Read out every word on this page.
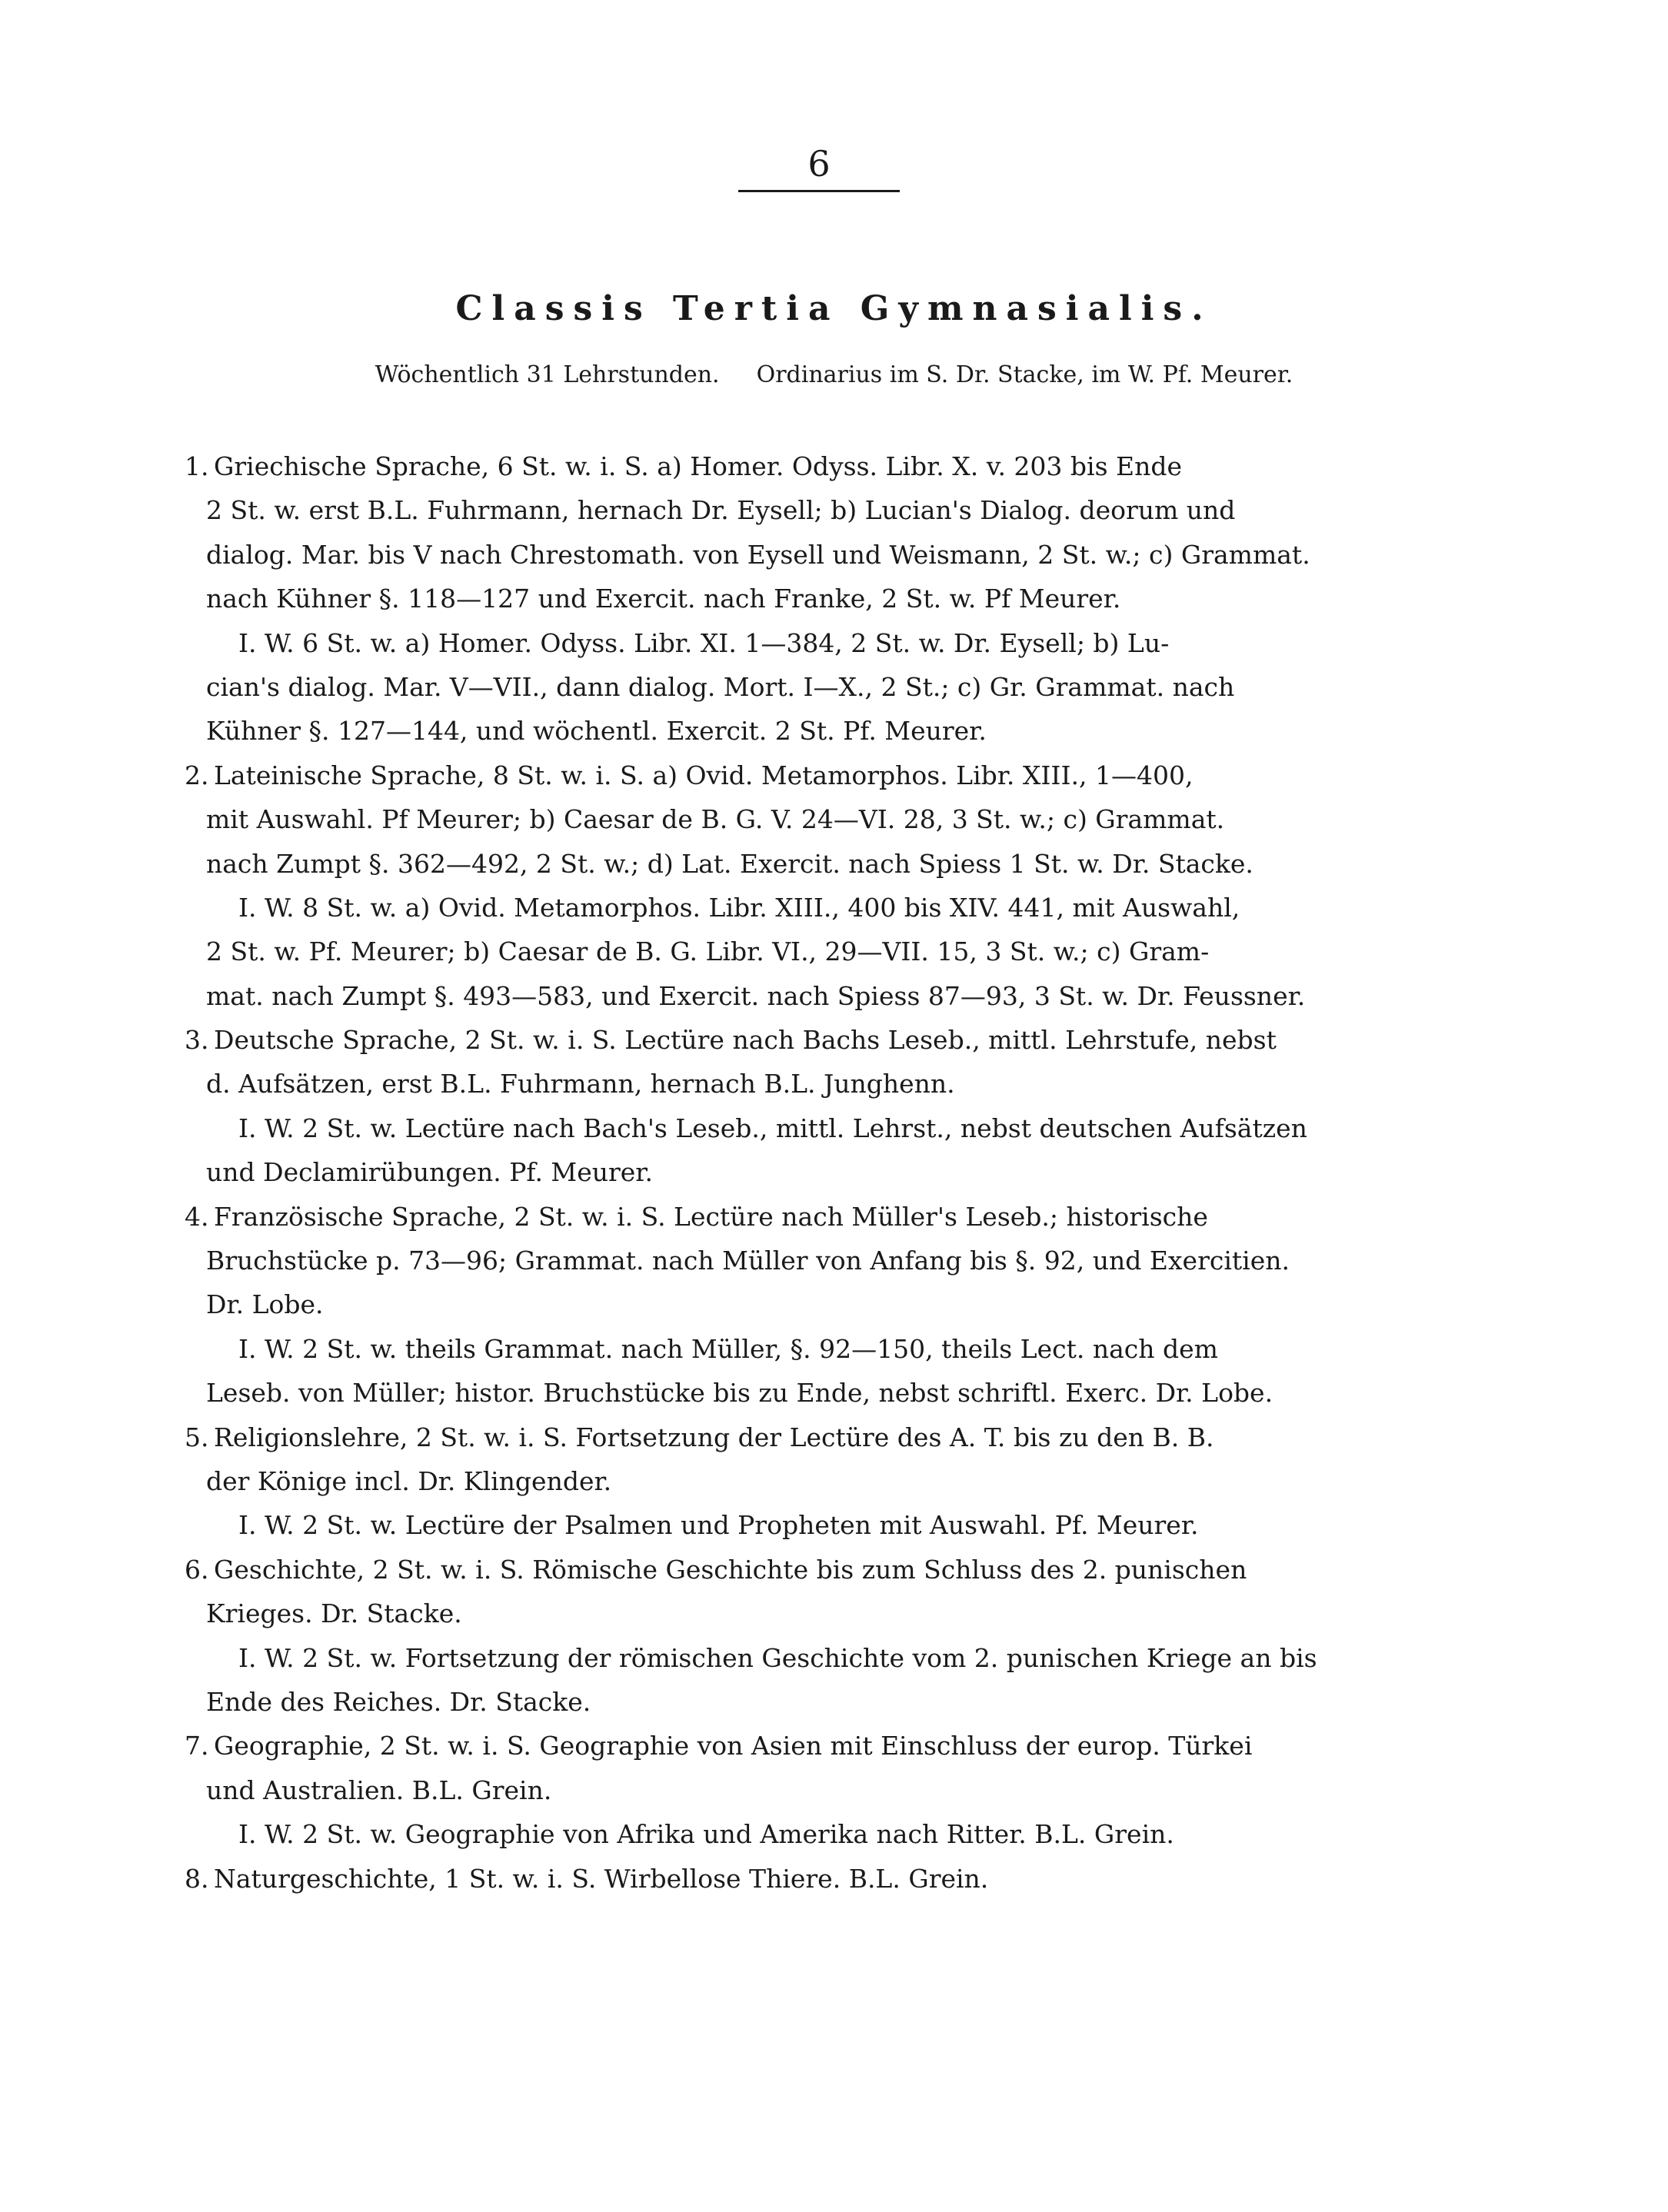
6
Classis Tertia Gymnasialis.
Wöchentlich 31 Lehrstunden. Ordinarius im S. Dr. Stacke, im W. Pf. Meurer.
1. Griechische Sprache, 6 St. w. i. S. a) Homer. Odyss. Libr. X. v. 203 bis Ende
2 St. w. erst B.L. Fuhrmann, hernach Dr. Eysell; b) Lucian's Dialog. deorum und
dialog. Mar. bis V nach Chrestomath. von Eysell und Weismann, 2 St. w.; c) Grammat.
nach Kühner §. 118—127 und Exercit. nach Franke, 2 St. w. Pf Meurer.
I. W. 6 St. w. a) Homer. Odyss. Libr. XI. 1—384, 2 St. w. Dr. Eysell; b) Lu-
cian's dialog. Mar. V—VII., dann dialog. Mort. I—X., 2 St.; c) Gr. Grammat. nach
Kühner §. 127—144, und wöchentl. Exercit. 2 St. Pf. Meurer.
2. Lateinische Sprache, 8 St. w. i. S. a) Ovid. Metamorphos. Libr. XIII., 1—400,
mit Auswahl. Pf Meurer; b) Caesar de B. G. V. 24—VI. 28, 3 St. w.; c) Grammat.
nach Zumpt §. 362—492, 2 St. w.; d) Lat. Exercit. nach Spiess 1 St. w. Dr. Stacke.
I. W. 8 St. w. a) Ovid. Metamorphos. Libr. XIII., 400 bis XIV. 441, mit Auswahl,
2 St. w. Pf. Meurer; b) Caesar de B. G. Libr. VI., 29—VII. 15, 3 St. w.; c) Gram-
mat. nach Zumpt §. 493—583, und Exercit. nach Spiess 87—93, 3 St. w. Dr. Feussner.
3. Deutsche Sprache, 2 St. w. i. S. Lectüre nach Bachs Leseb., mittl. Lehrstufe, nebst
d. Aufsätzen, erst B.L. Fuhrmann, hernach B.L. Junghenn.
I. W. 2 St. w. Lectüre nach Bach's Leseb., mittl. Lehrst., nebst deutschen Aufsätzen
und Declamirübungen. Pf. Meurer.
4. Französische Sprache, 2 St. w. i. S. Lectüre nach Müller's Leseb.; historische
Bruchstücke p. 73—96; Grammat. nach Müller von Anfang bis §. 92, und Exercitien.
Dr. Lobe.
I. W. 2 St. w. theils Grammat. nach Müller, §. 92—150, theils Lect. nach dem
Leseb. von Müller; histor. Bruchstücke bis zu Ende, nebst schriftl. Exerc. Dr. Lobe.
5. Religionslehre, 2 St. w. i. S. Fortsetzung der Lectüre des A. T. bis zu den B. B.
der Könige incl. Dr. Klingender.
I. W. 2 St. w. Lectüre der Psalmen und Propheten mit Auswahl. Pf. Meurer.
6. Geschichte, 2 St. w. i. S. Römische Geschichte bis zum Schluss des 2. punischen
Krieges. Dr. Stacke.
I. W. 2 St. w. Fortsetzung der römischen Geschichte vom 2. punischen Kriege an bis
Ende des Reiches. Dr. Stacke.
7. Geographie, 2 St. w. i. S. Geographie von Asien mit Einschluss der europ. Türkei
und Australien. B.L. Grein.
I. W. 2 St. w. Geographie von Afrika und Amerika nach Ritter. B.L. Grein.
8. Naturgeschichte, 1 St. w. i. S. Wirbellose Thiere. B.L. Grein.
